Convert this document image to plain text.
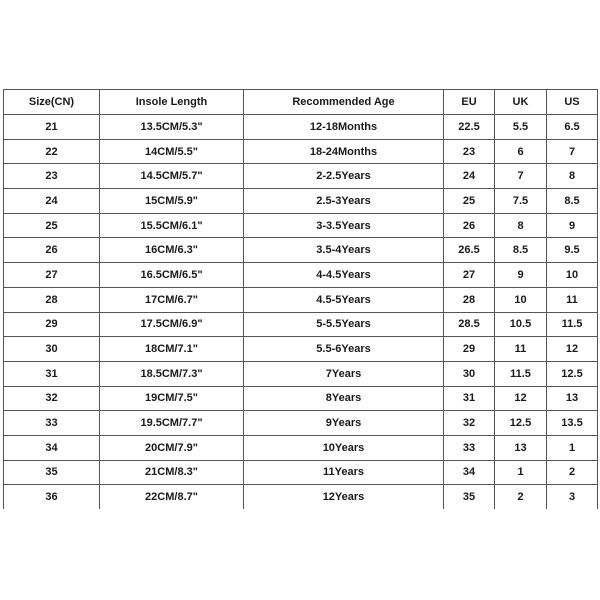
Size(CN)	Insole Length	Recommended Age	EU	UK	US
21	13.5CM/5.3"	12-18Months	22.5	5.5	6.5
22	14CM/5.5"	18-24Months	23	6	7
23	14.5CM/5.7"	2-2.5Years	24	7	8
24	15CM/5.9"	2.5-3Years	25	7.5	8.5
25	15.5CM/6.1"	3-3.5Years	26	8	9
26	16CM/6.3"	3.5-4Years	26.5	8.5	9.5
27	16.5CM/6.5"	4-4.5Years	27	9	10
28	17CM/6.7"	4.5-5Years	28	10	11
29	17.5CM/6.9"	5-5.5Years	28.5	10.5	11.5
30	18CM/7.1"	5.5-6Years	29	11	12
31	18.5CM/7.3"	7Years	30	11.5	12.5
32	19CM/7.5"	8Years	31	12	13
33	19.5CM/7.7"	9Years	32	12.5	13.5
34	20CM/7.9"	10Years	33	13	1
35	21CM/8.3"	11Years	34	1	2
36	22CM/8.7"	12Years	35	2	3
